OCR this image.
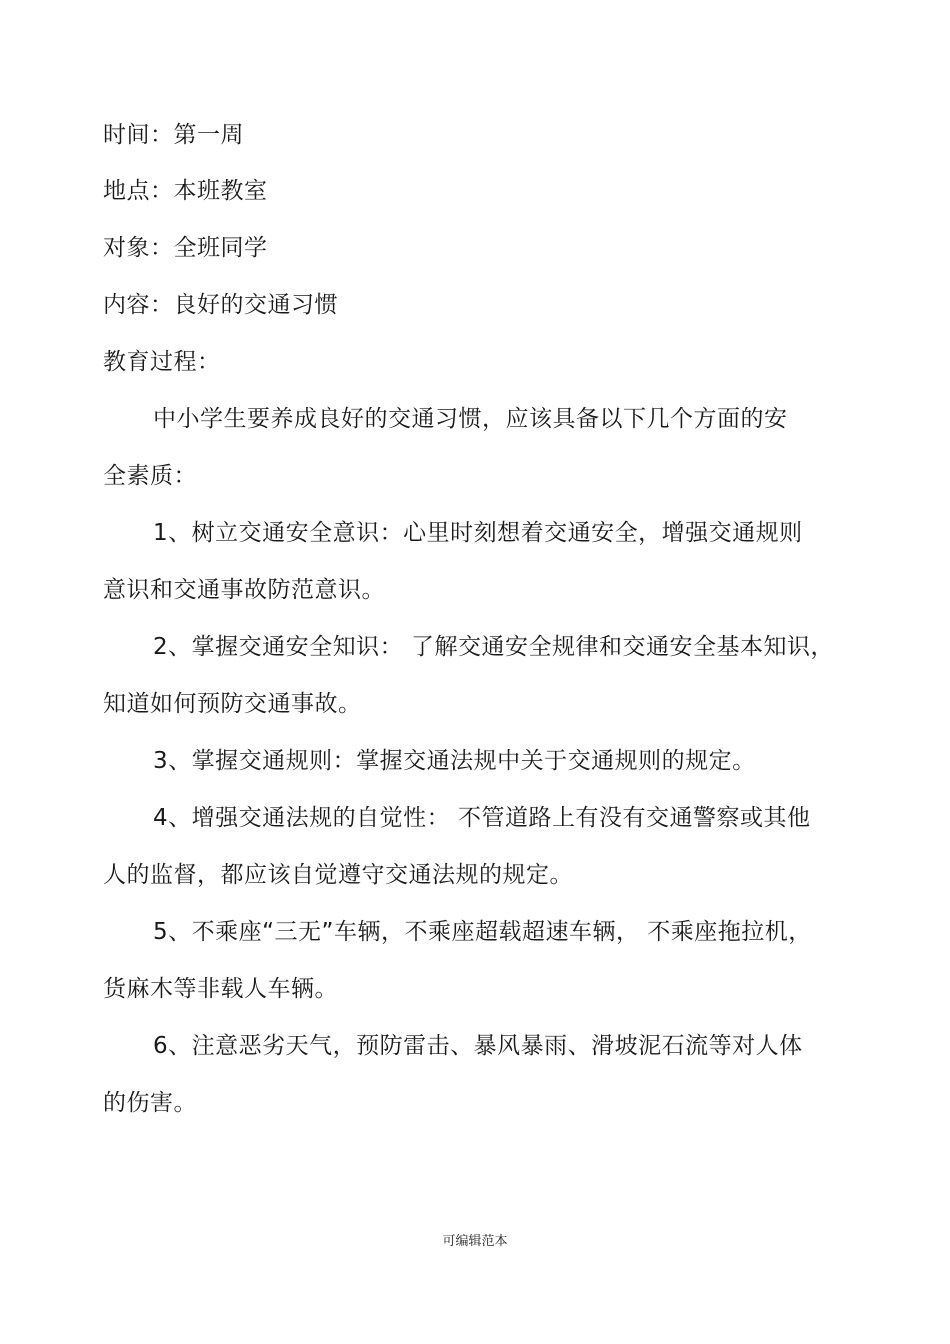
时间：第一周
地点：本班教室
对象：全班同学
内容：良好的交通习惯
教育过程：
中小学生要养成良好的交通习惯，应该具备以下几个方面的安
全素质：
1、树立交通安全意识：心里时刻想着交通安全，增强交通规则
意识和交通事故防范意识。
2、掌握交通安全知识： 了解交通安全规律和交通安全基本知识，
知道如何预防交通事故。
3、掌握交通规则：掌握交通法规中关于交通规则的规定。
4、增强交通法规的自觉性： 不管道路上有没有交通警察或其他
人的监督，都应该自觉遵守交通法规的规定。
5、不乘座“三无”车辆，不乘座超载超速车辆， 不乘座拖拉机，
货麻木等非载人车辆。
6、注意恶劣天气，预防雷击、暴风暴雨、滑坡泥石流等对人体
的伤害。
可编辑范本
